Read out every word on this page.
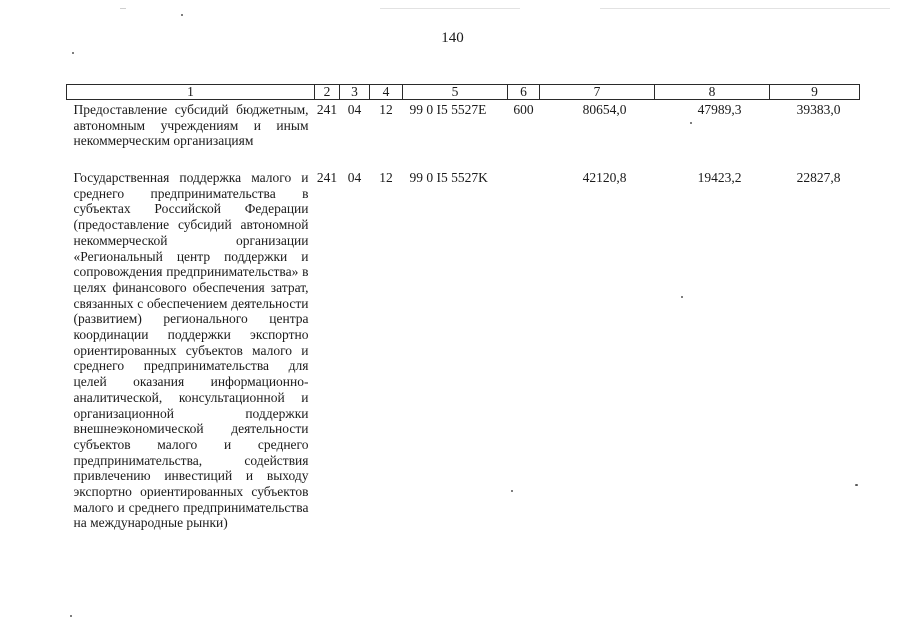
140
1	2	3	4	5	6	7	8	9
Предоставление субсидий бюджетным, автономным учреждениям и иным некоммерческим организациям	241	04	12	99 0 I5 5527E	600	80654,0	47989,3	39383,0
Государственная поддержка малого и среднего предпринимательства в субъектах Российской Федерации (предоставление субсидий автономной некоммерческой организации «Региональный центр поддержки и сопровождения предпринимательства» в целях финансового обеспечения затрат, связанных с обеспечением деятельности (развитием) регионального центра координации поддержки экспортно ориентированных субъектов малого и среднего предпринимательства для целей оказания информационно-аналитической, консультационной и организационной поддержки внешнеэкономической деятельности субъектов малого и среднего предпринимательства, содействия привлечению инвестиций и выходу экспортно ориентированных субъектов малого и среднего предпринимательства на международные рынки)	241	04	12	99 0 I5 5527K		42120,8	19423,2	22827,8
